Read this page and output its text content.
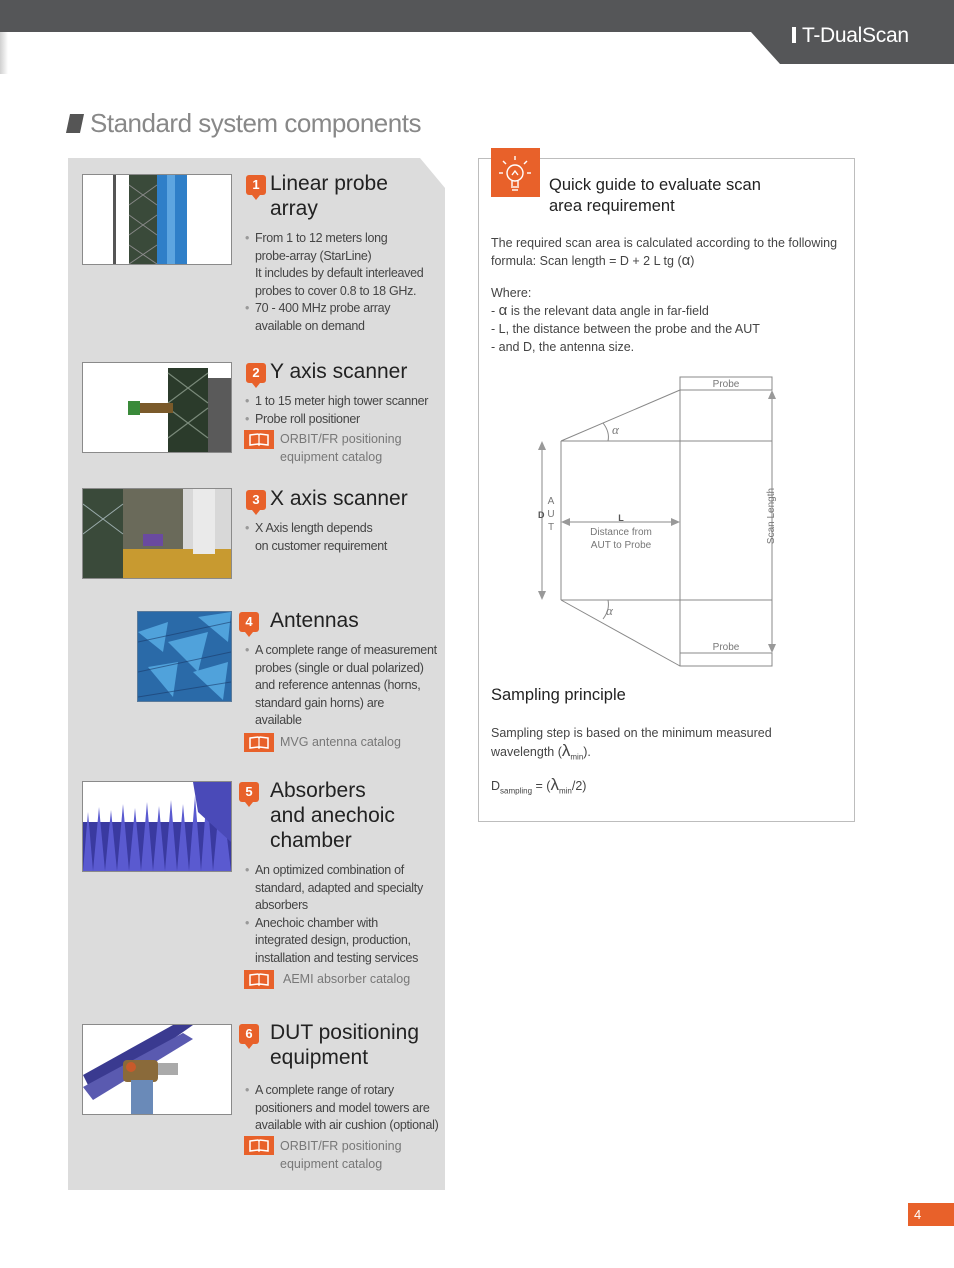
T-DualScan
Standard system components
1 Linear probe
array
• From 1 to 12 meters long
probe-array (StarLine)
It includes by default interleaved
probes to cover 0.8 to 18 GHz.
• 70 - 400 MHz probe array
available on demand
2 Y axis scanner
• 1 to 15 meter high tower scanner
• Probe roll positioner
ORBIT/FR positioning
equipment catalog
3 X axis scanner
• X Axis length depends
on customer requirement
4 Antennas
• A complete range of measurement
probes (single or dual polarized)
and reference antennas (horns,
standard gain horns) are
available
MVG antenna catalog
5 Absorbers
and anechoic
chamber
• An optimized combination of
standard, adapted and specialty
absorbers
• Anechoic chamber with
integrated design, production,
installation and testing services
AEMI absorber catalog
6 DUT positioning
equipment
• A complete range of rotary
positioners and model towers are
available with air cushion (optional)
ORBIT/FR positioning
equipment catalog
Quick guide to evaluate scan
area requirement
The required scan area is calculated according to the following
formula: Scan length = D + 2 L tg (α)
Where:
- α is the relevant data angle in far-field
- L, the distance between the probe and the AUT
- and D, the antenna size.
Probe
Probe
α
α
D
A
U
T
L
Distance from
AUT to Probe
Scan Length
Sampling principle
Sampling step is based on the minimum measured
wavelength $(\lambda_{min})$.
$D_{sampling} = (\lambda_{min}/2)$
4
